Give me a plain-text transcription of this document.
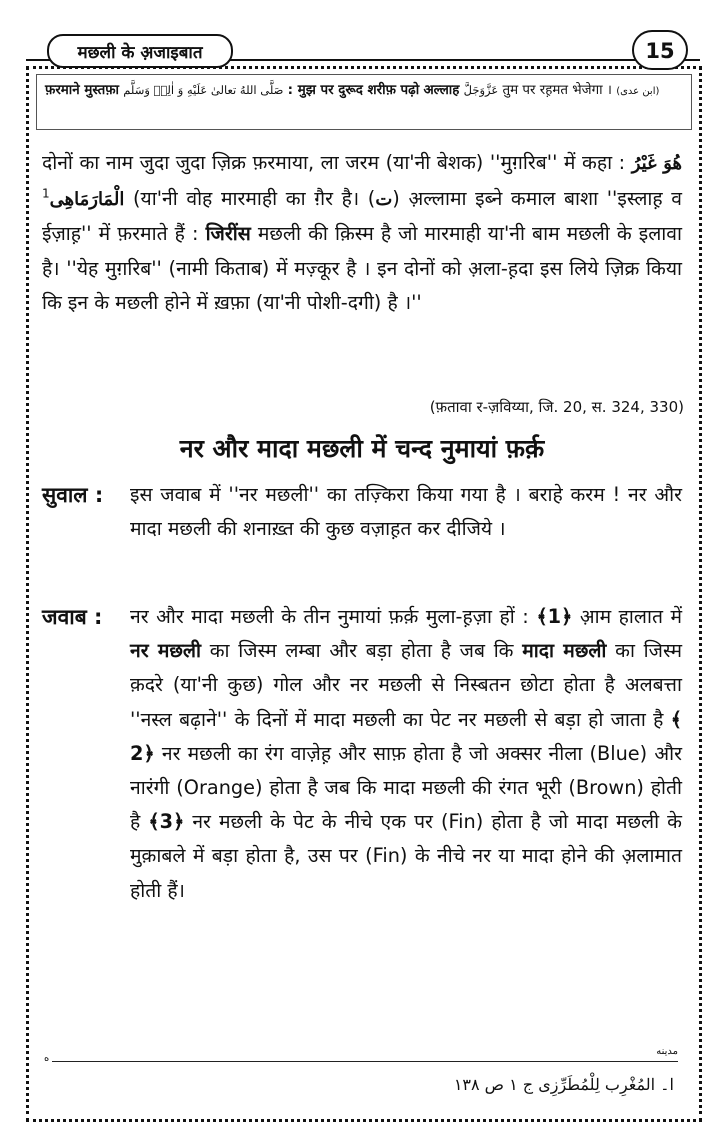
मछली के अ़जाइबात	15
फ़रमाने मुस्तफ़ा صَلَّى اللهُ تعالىٰ عَلَيْهِ وَ اٰلِهٖ وَسَلَّم : मुझ पर दुरूद शरीफ़ पढ़ो अल्लाह عَزَّوَجَلَّ तुम पर रह़मत भेजेगा । (ابن عدی)

दोनों का नाम जुदा जुदा ज़िक्र फ़रमाया, ला जरम (या'नी बेशक) ''मुग़रिब'' में कहा : هُوَ غَيْرُ الْمَارَمَاهِی$^1$	(या'नी वोह मारमाही का ग़ैर है। (ت) अ़ल्लामा इब्ने कमाल बाशा ''इस्लाह़ व ईज़ाह़'' में फ़रमाते हैं : जिरींस मछली की क़िस्म है जो मारमाही या'नी बाम मछली के इलावा है। ''येह मुग़रिब'' (नामी किताब) में मज़्कूर है । इन दोनों को अ़ला-ह़दा इस लिये ज़िक्र किया कि इन के मछली होने में ख़फ़ा (या'नी पोशी-दगी) है ।''

(फ़तावा र-ज़विय्या, जि. 20, स. 324, 330)
नर और मादा मछली में चन्द नुमायां फ़र्क़
सुवाल : इस जवाब में ''नर मछली'' का तज़्किरा किया गया है । बराहे करम ! नर और मादा मछली की शनाख़्त की कुछ वज़ाह़त कर दीजिये ।
जवाब : नर और मादा मछली के तीन नुमायां फ़र्क़ मुला-ह़ज़ा हों : ﴾1﴿ आ़म हालात में नर मछली का जिस्म लम्बा और बड़ा होता है जब कि मादा मछली का जिस्म क़दरे (या'नी कुछ) गोल और नर मछली से निस्बतन छोटा होता है अलबत्ता ''नस्ल बढ़ाने'' के दिनों में मादा मछली का पेट नर मछली से बड़ा हो जाता है ﴾2﴿ नर मछली का रंग वाज़ेह़ और साफ़ होता है जो अक्सर नीला (Blue) और नारंगी (Orange) होता है जब कि मादा मछली की रंगत भूरी (Brown) होती है ﴾3﴿ नर मछली के पेट के नीचे एक पर (Fin) होता है जो मादा मछली के मुक़ाबले में बड़ा होता है, उस पर (Fin) के नीचे नर या मादा होने की अ़लामात होती हैं।
مدينه
ه
ا۔ المُغْرِب لِلْمُطَرِّزِی ج ١ ص ١٣٨
